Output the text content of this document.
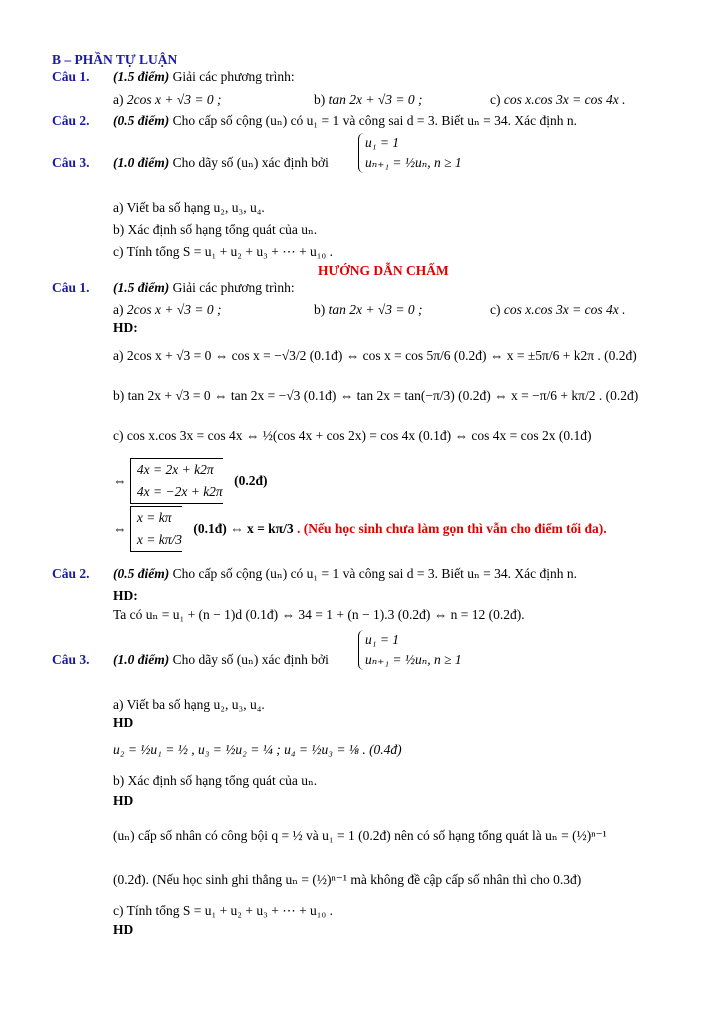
B – PHẦN TỰ LUẬN
Câu 1. (1.5 điểm) Giải các phương trình:
a) 2cos x + √3 = 0 ;	b) tan 2x + √3 = 0 ;	c) cos x.cos 3x = cos 4x .
Câu 2. (0.5 điểm) Cho cấp số cộng (uₙ) có u₁ = 1 và công sai d = 3. Biết uₙ = 34. Xác định n.
Câu 3. (1.0 điểm) Cho dãy số (uₙ) xác định bởi
u₁ = 1
uₙ₊₁ = ½uₙ, n ≥ 1
a) Viết ba số hạng u₂, u₃, u₄.
b) Xác định số hạng tổng quát của uₙ.
c) Tính tổng S = u₁ + u₂ + u₃ + ⋯ + u₁₀ .
HƯỚNG DẪN CHẤM
Câu 1. (1.5 điểm) Giải các phương trình:
a) 2cos x + √3 = 0 ;	b) tan 2x + √3 = 0 ;	c) cos x.cos 3x = cos 4x .
HD:
a) 2cos x + √3 = 0 ⇔ cos x = −√3/2 (0.1đ) ⇔ cos x = cos 5π/6 (0.2đ) ⇔ x = ±5π/6 + k2π . (0.2đ)
b) tan 2x + √3 = 0 ⇔ tan 2x = −√3 (0.1đ) ⇔ tan 2x = tan(−π/3) (0.2đ) ⇔ x = −π/6 + kπ/2 . (0.2đ)
c) cos x.cos 3x = cos 4x ⇔ ½(cos 4x + cos 2x) = cos 4x (0.1đ) ⇔ cos 4x = cos 2x (0.1đ)
⇔
4x = 2x + k2π
4x = −2x + k2π
(0.2đ)
⇔
x = kπ
x = kπ/3
(0.1đ) ⇔ x = kπ/3 . (Nếu học sinh chưa làm gọn thì vẫn cho điểm tối đa).
Câu 2. (0.5 điểm) Cho cấp số cộng (uₙ) có u₁ = 1 và công sai d = 3. Biết uₙ = 34. Xác định n.
HD:
Ta có uₙ = u₁ + (n − 1)d (0.1đ) ⇔ 34 = 1 + (n − 1).3 (0.2đ) ⇔ n = 12 (0.2đ).
Câu 3. (1.0 điểm) Cho dãy số (uₙ) xác định bởi
u₁ = 1
uₙ₊₁ = ½uₙ, n ≥ 1
a) Viết ba số hạng u₂, u₃, u₄.
HD
u₂ = ½u₁ = ½ , u₃ = ½u₂ = ¼ ; u₄ = ½u₃ = ⅛ . (0.4đ)
b) Xác định số hạng tổng quát của uₙ.
HD
(uₙ) cấp số nhân có công bội q = ½ và u₁ = 1 (0.2đ) nên có số hạng tổng quát là uₙ = (½)ⁿ⁻¹
(0.2đ). (Nếu học sinh ghi thẳng uₙ = (½)ⁿ⁻¹ mà không đề cập cấp số nhân thì cho 0.3đ)
c) Tính tổng S = u₁ + u₂ + u₃ + ⋯ + u₁₀ .
HD
